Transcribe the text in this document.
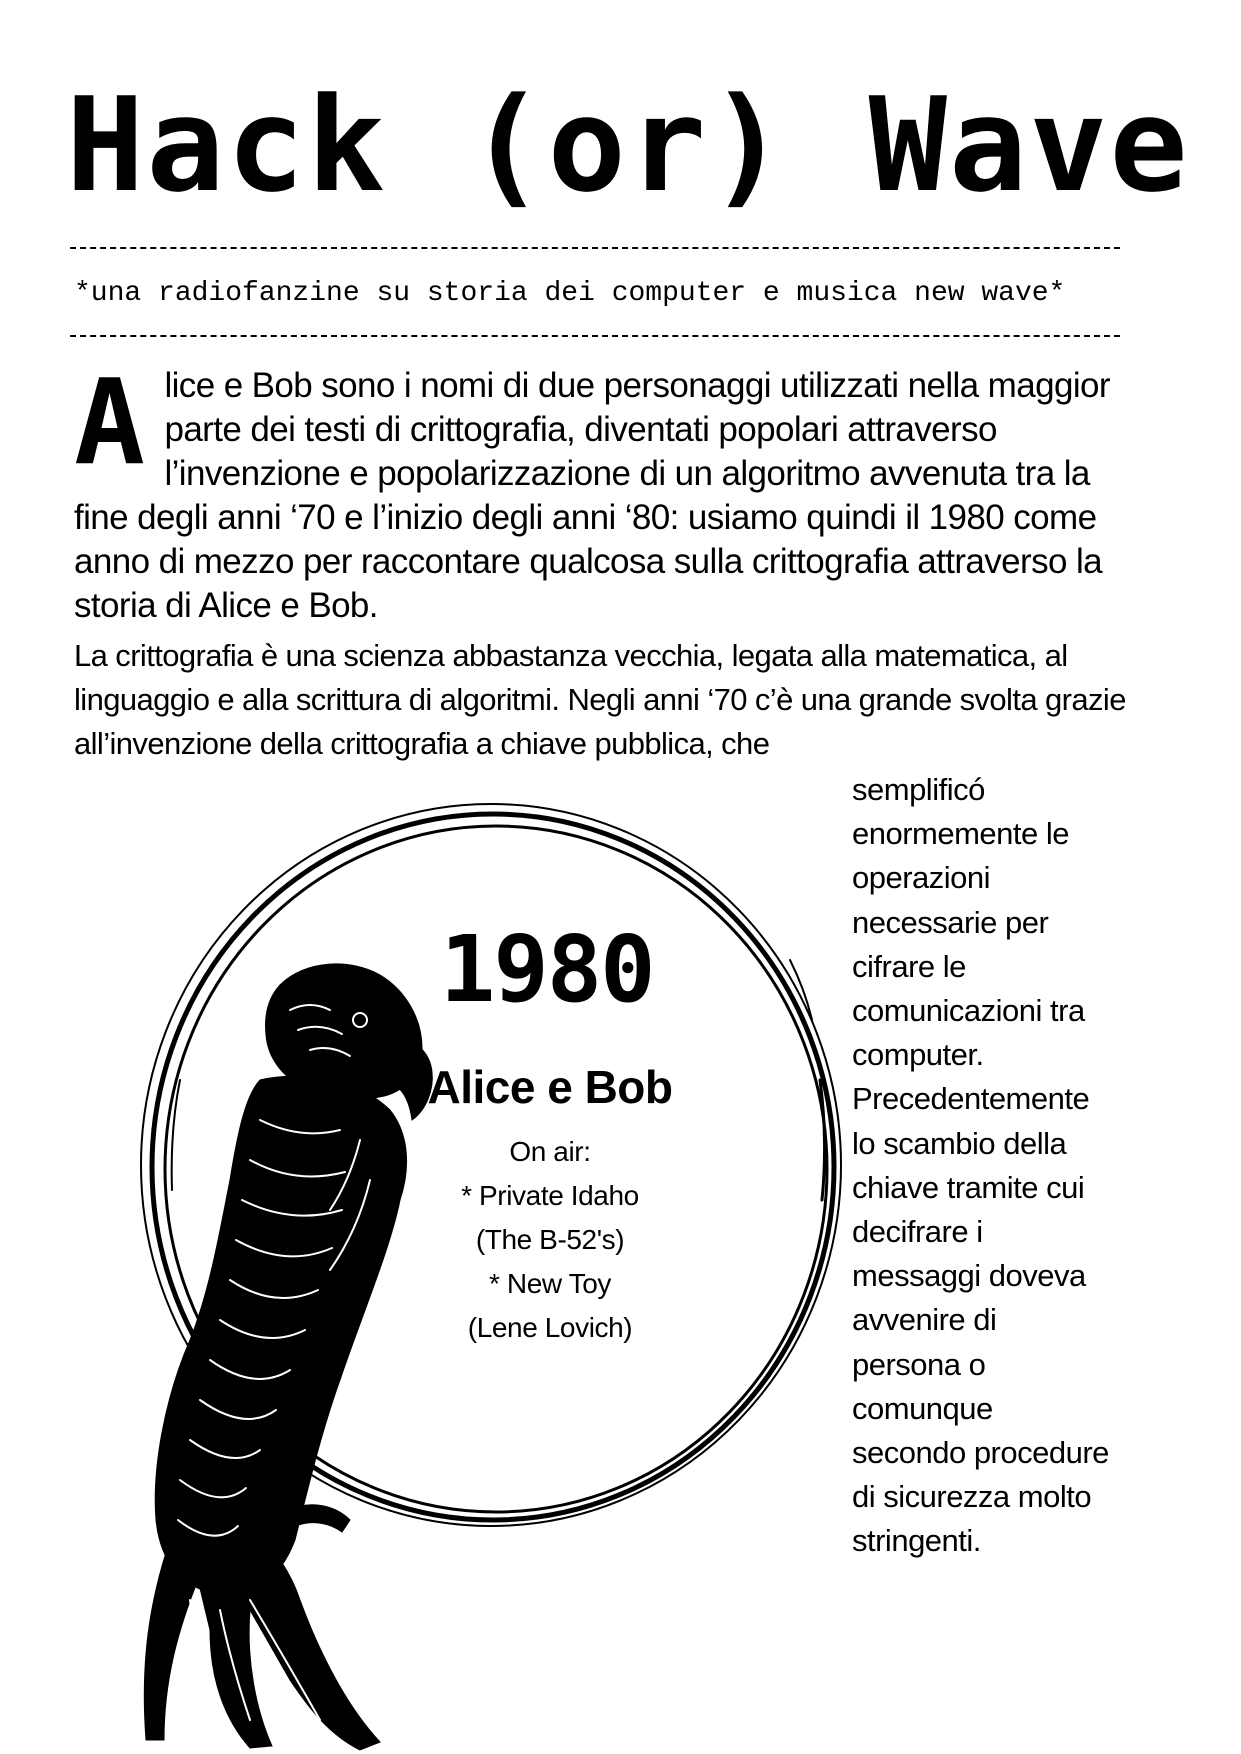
Hack (or) Wave
*una radiofanzine su storia dei computer e musica new wave*

A lice e Bob sono i nomi di due personaggi utilizzati nella maggior parte dei testi di crittografia, diventati popolari attraverso l’invenzione e popolarizzazione di un algoritmo avvenuta tra la fine degli anni ‘70 e l’inizio degli anni ‘80: usiamo quindi il 1980 come anno di mezzo per raccontare qualcosa sulla crittografia attraverso la storia di Alice e Bob.

La crittografia è una scienza abbastanza vecchia, legata alla matematica, al linguaggio e alla scrittura di algoritmi. Negli anni ‘70 c’è una grande svolta grazie all’invenzione della crittografia a chiave pubblica, che

semplificó
enormemente le
operazioni
necessarie per
cifrare le
comunicazioni tra
computer.
Precedentemente
lo scambio della
chiave tramite cui
decifrare i
messaggi doveva
avvenire di
persona o
comunque
secondo procedure
di sicurezza molto
stringenti.
1980
Alice e Bob
On air:
* Private Idaho
(The B-52's)
* New Toy
(Lene Lovich)
